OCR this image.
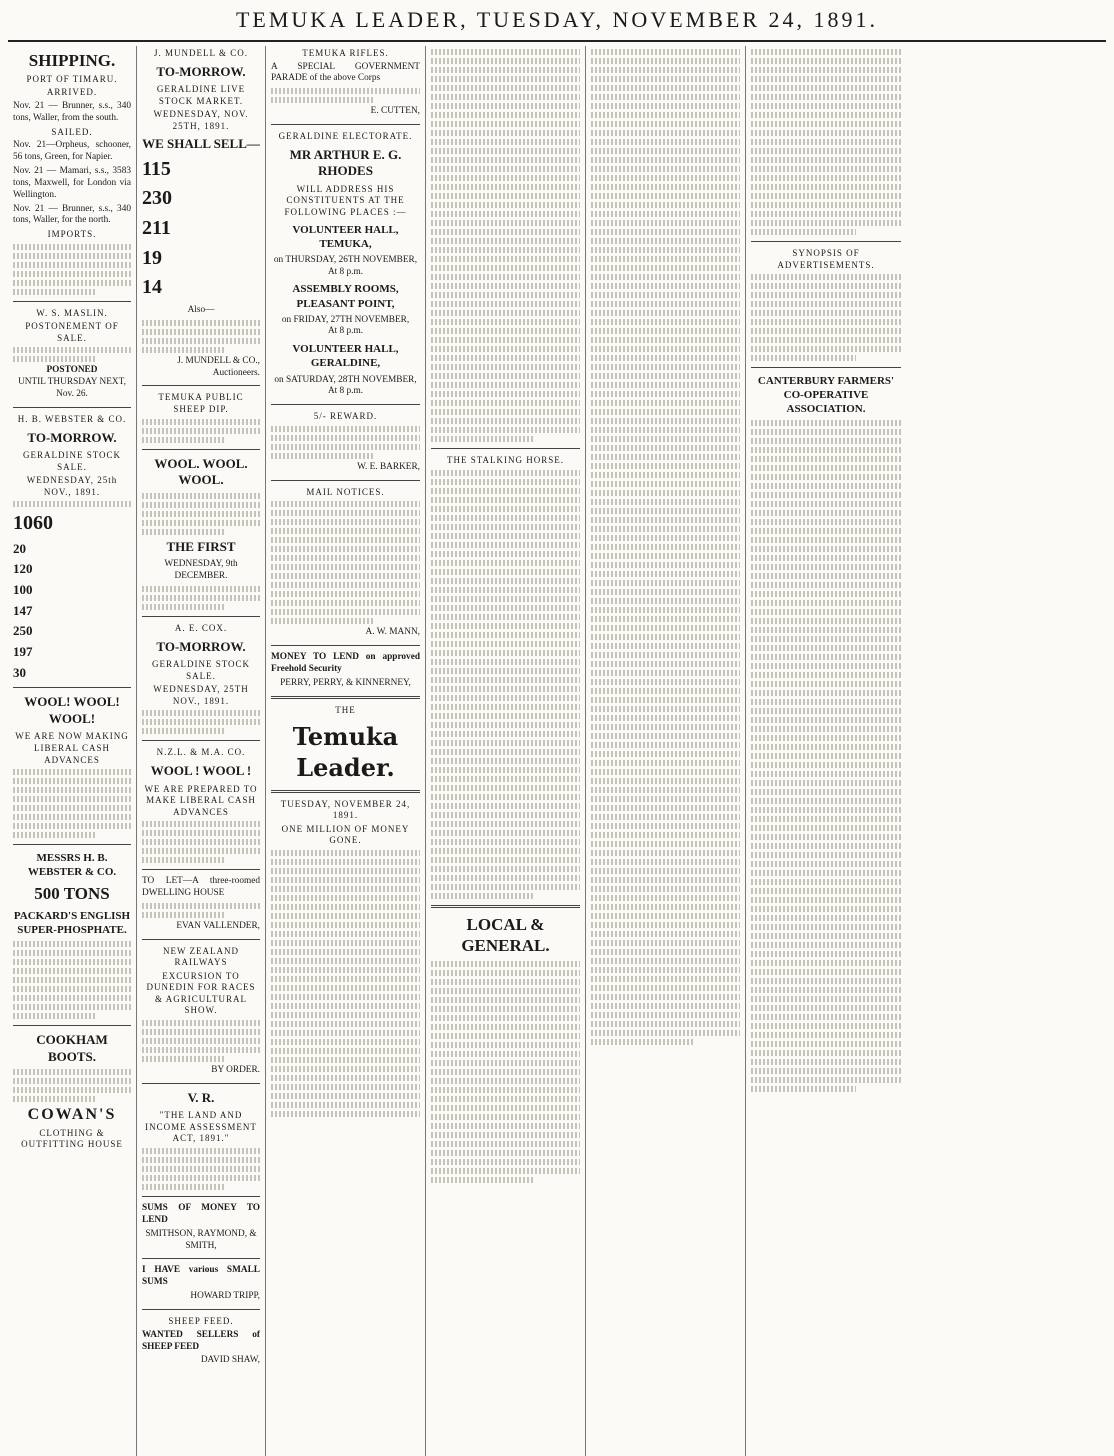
TEMUKA LEADER, TUESDAY, NOVEMBER 24, 1891.
SHIPPING.
PORT OF TIMARU.
ARRIVED.
Nov. 21 — Brunner, s.s., 340 tons, Waller, from the south.
SAILED.
Nov. 21—Orpheus, schooner, 56 tons, Green, for Napier.
Nov. 21 — Mamari, s.s., 3583 tons, Maxwell, for London via Wellington.
Nov. 21 — Brunner, s.s., 340 tons, Waller, for the north.
IMPORTS.
W. S. MASLIN.
POSTONEMENT OF SALE.
POSTONED
UNTIL THURSDAY NEXT, Nov. 26.
H. B. WEBSTER & CO.
TO-MORROW.
GERALDINE STOCK SALE.
WEDNESDAY, 25th NOV., 1891.
1060
20
120
100
147
250
197
30
WOOL! WOOL! WOOL!
WE ARE NOW MAKING LIBERAL CASH ADVANCES
MESSRS H. B. WEBSTER & CO.
500 TONS
PACKARD'S ENGLISH SUPER-PHOSPHATE.
COOKHAM BOOTS.
COWAN'S
CLOTHING & OUTFITTING HOUSE
J. MUNDELL & CO.
TO-MORROW.
GERALDINE LIVE STOCK MARKET.
WEDNESDAY, NOV. 25TH, 1891.
WE SHALL SELL—
115
230
211
19
14
Also—
J. MUNDELL & CO., Auctioneers.
TEMUKA PUBLIC SHEEP DIP.
WOOL. WOOL. WOOL.
THE FIRST
WEDNESDAY, 9th DECEMBER.
A. E. COX.
TO-MORROW.
GERALDINE STOCK SALE.
WEDNESDAY, 25TH NOV., 1891.
N.Z.L. & M.A. CO.
WOOL ! WOOL !
WE ARE PREPARED TO MAKE LIBERAL CASH ADVANCES
TO LET—A three-roomed DWELLING HOUSE
EVAN VALLENDER,
NEW ZEALAND RAILWAYS
EXCURSION TO DUNEDIN FOR RACES & AGRICULTURAL SHOW.
BY ORDER.
V. R.
"THE LAND AND INCOME ASSESSMENT ACT, 1891."
SUMS OF MONEY TO LEND
SMITHSON, RAYMOND, & SMITH,
I HAVE various SMALL SUMS
HOWARD TRIPP,
SHEEP FEED.
WANTED SELLERS of SHEEP FEED
DAVID SHAW,
TEMUKA RIFLES.
A SPECIAL GOVERNMENT PARADE of the above Corps
E. CUTTEN,
GERALDINE ELECTORATE.
MR ARTHUR E. G. RHODES
WILL ADDRESS HIS CONSTITUENTS AT THE FOLLOWING PLACES :—
VOLUNTEER HALL, TEMUKA,
on THURSDAY, 26TH NOVEMBER,
At 8 p.m.
ASSEMBLY ROOMS, PLEASANT POINT,
on FRIDAY, 27TH NOVEMBER,
At 8 p.m.
VOLUNTEER HALL, GERALDINE,
on SATURDAY, 28TH NOVEMBER,
At 8 p.m.
5/- REWARD.
W. E. BARKER,
MAIL NOTICES.
A. W. MANN,
MONEY TO LEND on approved Freehold Security
PERRY, PERRY, & KINNERNEY,
THE
Temuka Leader.
TUESDAY, NOVEMBER 24, 1891.
ONE MILLION OF MONEY GONE.
THE STALKING HORSE.
LOCAL & GENERAL.
SYNOPSIS OF ADVERTISEMENTS.
CANTERBURY FARMERS' CO-OPERATIVE ASSOCIATION.
